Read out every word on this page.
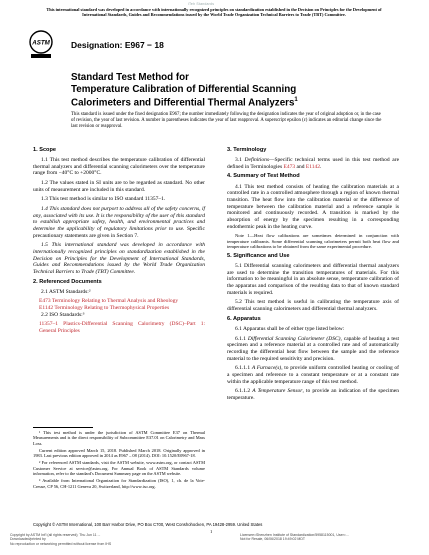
iTeh Standards
This international standard was developed in accordance with internationally recognized principles on standardization established in the Decision on Principles for the Development of International Standards, Guides and Recommendations issued by the World Trade Organization Technical Barriers to Trade (TBT) Committee.
ASTM Designation: E967 − 18
Standard Test Method for
Temperature Calibration of Differential Scanning
Calorimeters and Differential Thermal Analyzers$^1$
This standard is issued under the fixed designation E967; the number immediately following the designation indicates the year of original adoption or, in the case of revision, the year of last revision. A number in parentheses indicates the year of last reapproval. A superscript epsilon (ε) indicates an editorial change since the last revision or reapproval.
1. Scope

1.1 This test method describes the temperature calibration of differential thermal analyzers and differential scanning calorimeters over the temperature range from −40°C to +2000°C.

1.2 The values stated in SI units are to be regarded as standard. No other units of measurement are included in this standard.

1.3 This test method is similar to ISO standard 11357–1.

1.4 This standard does not purport to address all of the safety concerns, if any, associated with its use. It is the responsibility of the user of this standard to establish appropriate safety, health, and environmental practices and determine the applicability of regulatory limitations prior to use. Specific precautionary statements are given in Section 7.

1.5 This international standard was developed in accordance with internationally recognized principles on standardization established in the Decision on Principles for the Development of International Standards, Guides and Recommendations issued by the World Trade Organization Technical Barriers to Trade (TBT) Committee.

2. Referenced Documents

2.1 ASTM Standards:²

E473 Terminology Relating to Thermal Analysis and Rheology
E1142 Terminology Relating to Thermophysical Properties

2.2 ISO Standards:³

11357–1 Plastics-Differential Scanning Calorimetry (DSC)–Part 1: General Principles

¹ This test method is under the jurisdiction of ASTM Committee E37 on Thermal Measurements and is the direct responsibility of Subcommittee E37.01 on Calorimetry and Mass Loss.

Current edition approved March 15, 2018. Published March 2018. Originally approved in 1983. Last previous edition approved in 2014 as E967 – 08 (2014). DOI: 10.1520/E0967-18.

² For referenced ASTM standards, visit the ASTM website, www.astm.org, or contact ASTM Customer Service at service@astm.org. For Annual Book of ASTM Standards volume information, refer to the standard's Document Summary page on the ASTM website.

³ Available from International Organization for Standardization (ISO), 1, ch. de la Voie-Creuse, CP 56, CH-1211 Geneva 20, Switzerland, http://www.iso.org.

3. Terminology

3.1 Definitions—Specific technical terms used in this test method are defined in Terminologies E473 and E1142.

4. Summary of Test Method

4.1 This test method consists of heating the calibration materials at a controlled rate in a controlled atmosphere through a region of known thermal transition. The heat flow into the calibration material or the difference of temperature between the calibration material and a reference sample is monitored and continuously recorded. A transition is marked by the absorption of energy by the specimen resulting in a corresponding endothermic peak in the heating curve.

Note 1—Heat flow calibrations are sometimes determined in conjunction with temperature calibrants. Some differential scanning calorimeters permit both heat flow and temperature calibrations to be obtained from the same experimental procedure.

5. Significance and Use

5.1 Differential scanning calorimeters and differential thermal analyzers are used to determine the transition temperatures of materials. For this information to be meaningful in an absolute sense, temperature calibration of the apparatus and comparison of the resulting data to that of known standard materials is required.

5.2 This test method is useful in calibrating the temperature axis of differential scanning calorimeters and differential thermal analyzers.

6. Apparatus

6.1 Apparatus shall be of either type listed below:

6.1.1 Differential Scanning Calorimeter (DSC), capable of heating a test specimen and a reference material at a controlled rate and of automatically recording the differential heat flow between the sample and the reference material to the required sensitivity and precision.

6.1.1.1 A Furnace(s), to provide uniform controlled heating or cooling of a specimen and reference to a constant temperature or at a constant rate within the applicable temperature range of this test method.

6.1.1.2 A Temperature Sensor, to provide an indication of the specimen temperature.

Copyright © ASTM International, 100 Barr Harbor Drive, PO Box C700, West Conshohocken, PA 19428-2959. United States
Copyright by ASTM Int'l (all rights reserved); Thu Jun 11 ...
Downloaded/printed by
No reproduction or networking permitted without license from IHS
Licensee=Shenzhen Institute of Standardization/5958115001, User=...
Not for Resale, 06/06/2018 19:49:02 MDT
1
